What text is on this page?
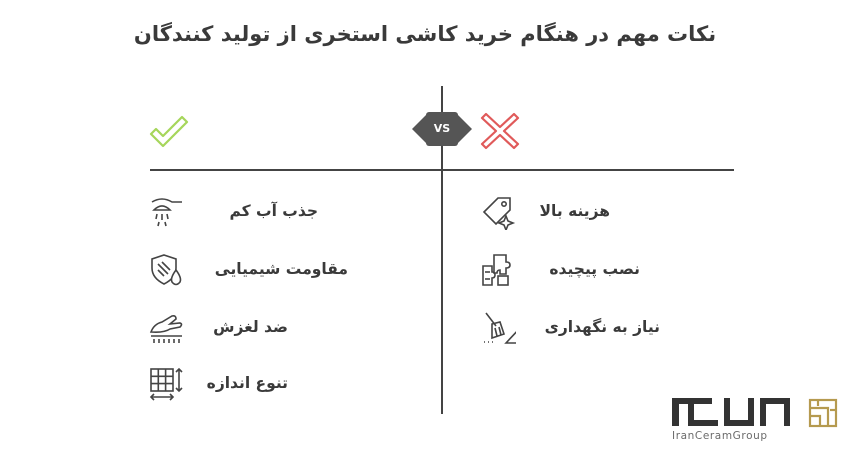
نکات مهم در هنگام خرید کاشی استخری از تولید کنندگان
VS
جذب آب کم
مقاومت شیمیایی
ضد لغزش
تنوع اندازه
هزینه بالا
نصب پیچیده
نیاز به نگهداری
IranCeramGroup
